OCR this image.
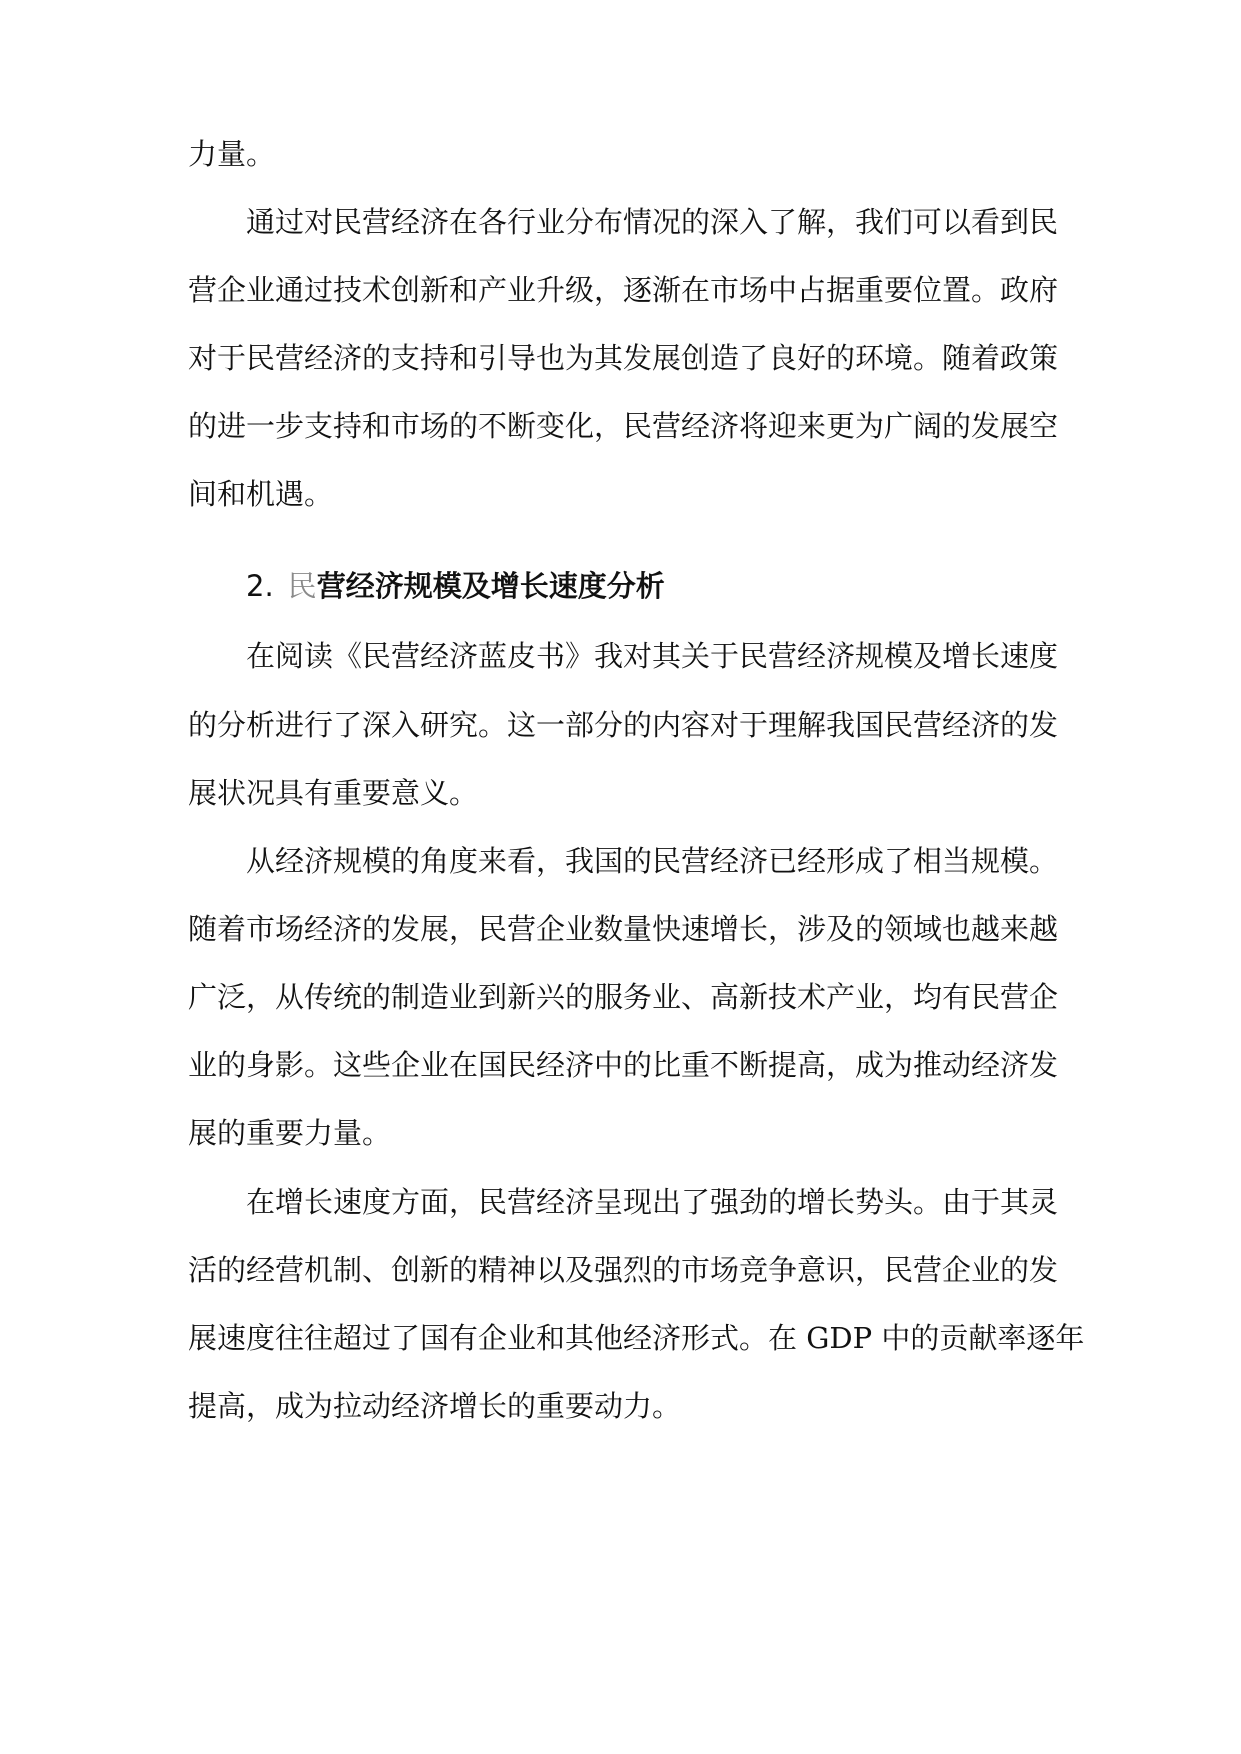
力量。
通过对民营经济在各行业分布情况的深入了解，我们可以看到民
营企业通过技术创新和产业升级，逐渐在市场中占据重要位置。政府
对于民营经济的支持和引导也为其发展创造了良好的环境。随着政策
的进一步支持和市场的不断变化，民营经济将迎来更为广阔的发展空
间和机遇。
2. 民营经济规模及增长速度分析
在阅读《民营经济蓝皮书》我对其关于民营经济规模及增长速度
的分析进行了深入研究。这一部分的内容对于理解我国民营经济的发
展状况具有重要意义。
从经济规模的角度来看，我国的民营经济已经形成了相当规模。
随着市场经济的发展，民营企业数量快速增长，涉及的领域也越来越
广泛，从传统的制造业到新兴的服务业、高新技术产业，均有民营企
业的身影。这些企业在国民经济中的比重不断提高，成为推动经济发
展的重要力量。
在增长速度方面，民营经济呈现出了强劲的增长势头。由于其灵
活的经营机制、创新的精神以及强烈的市场竞争意识，民营企业的发
展速度往往超过了国有企业和其他经济形式。在 GDP 中的贡献率逐年
提高，成为拉动经济增长的重要动力。
